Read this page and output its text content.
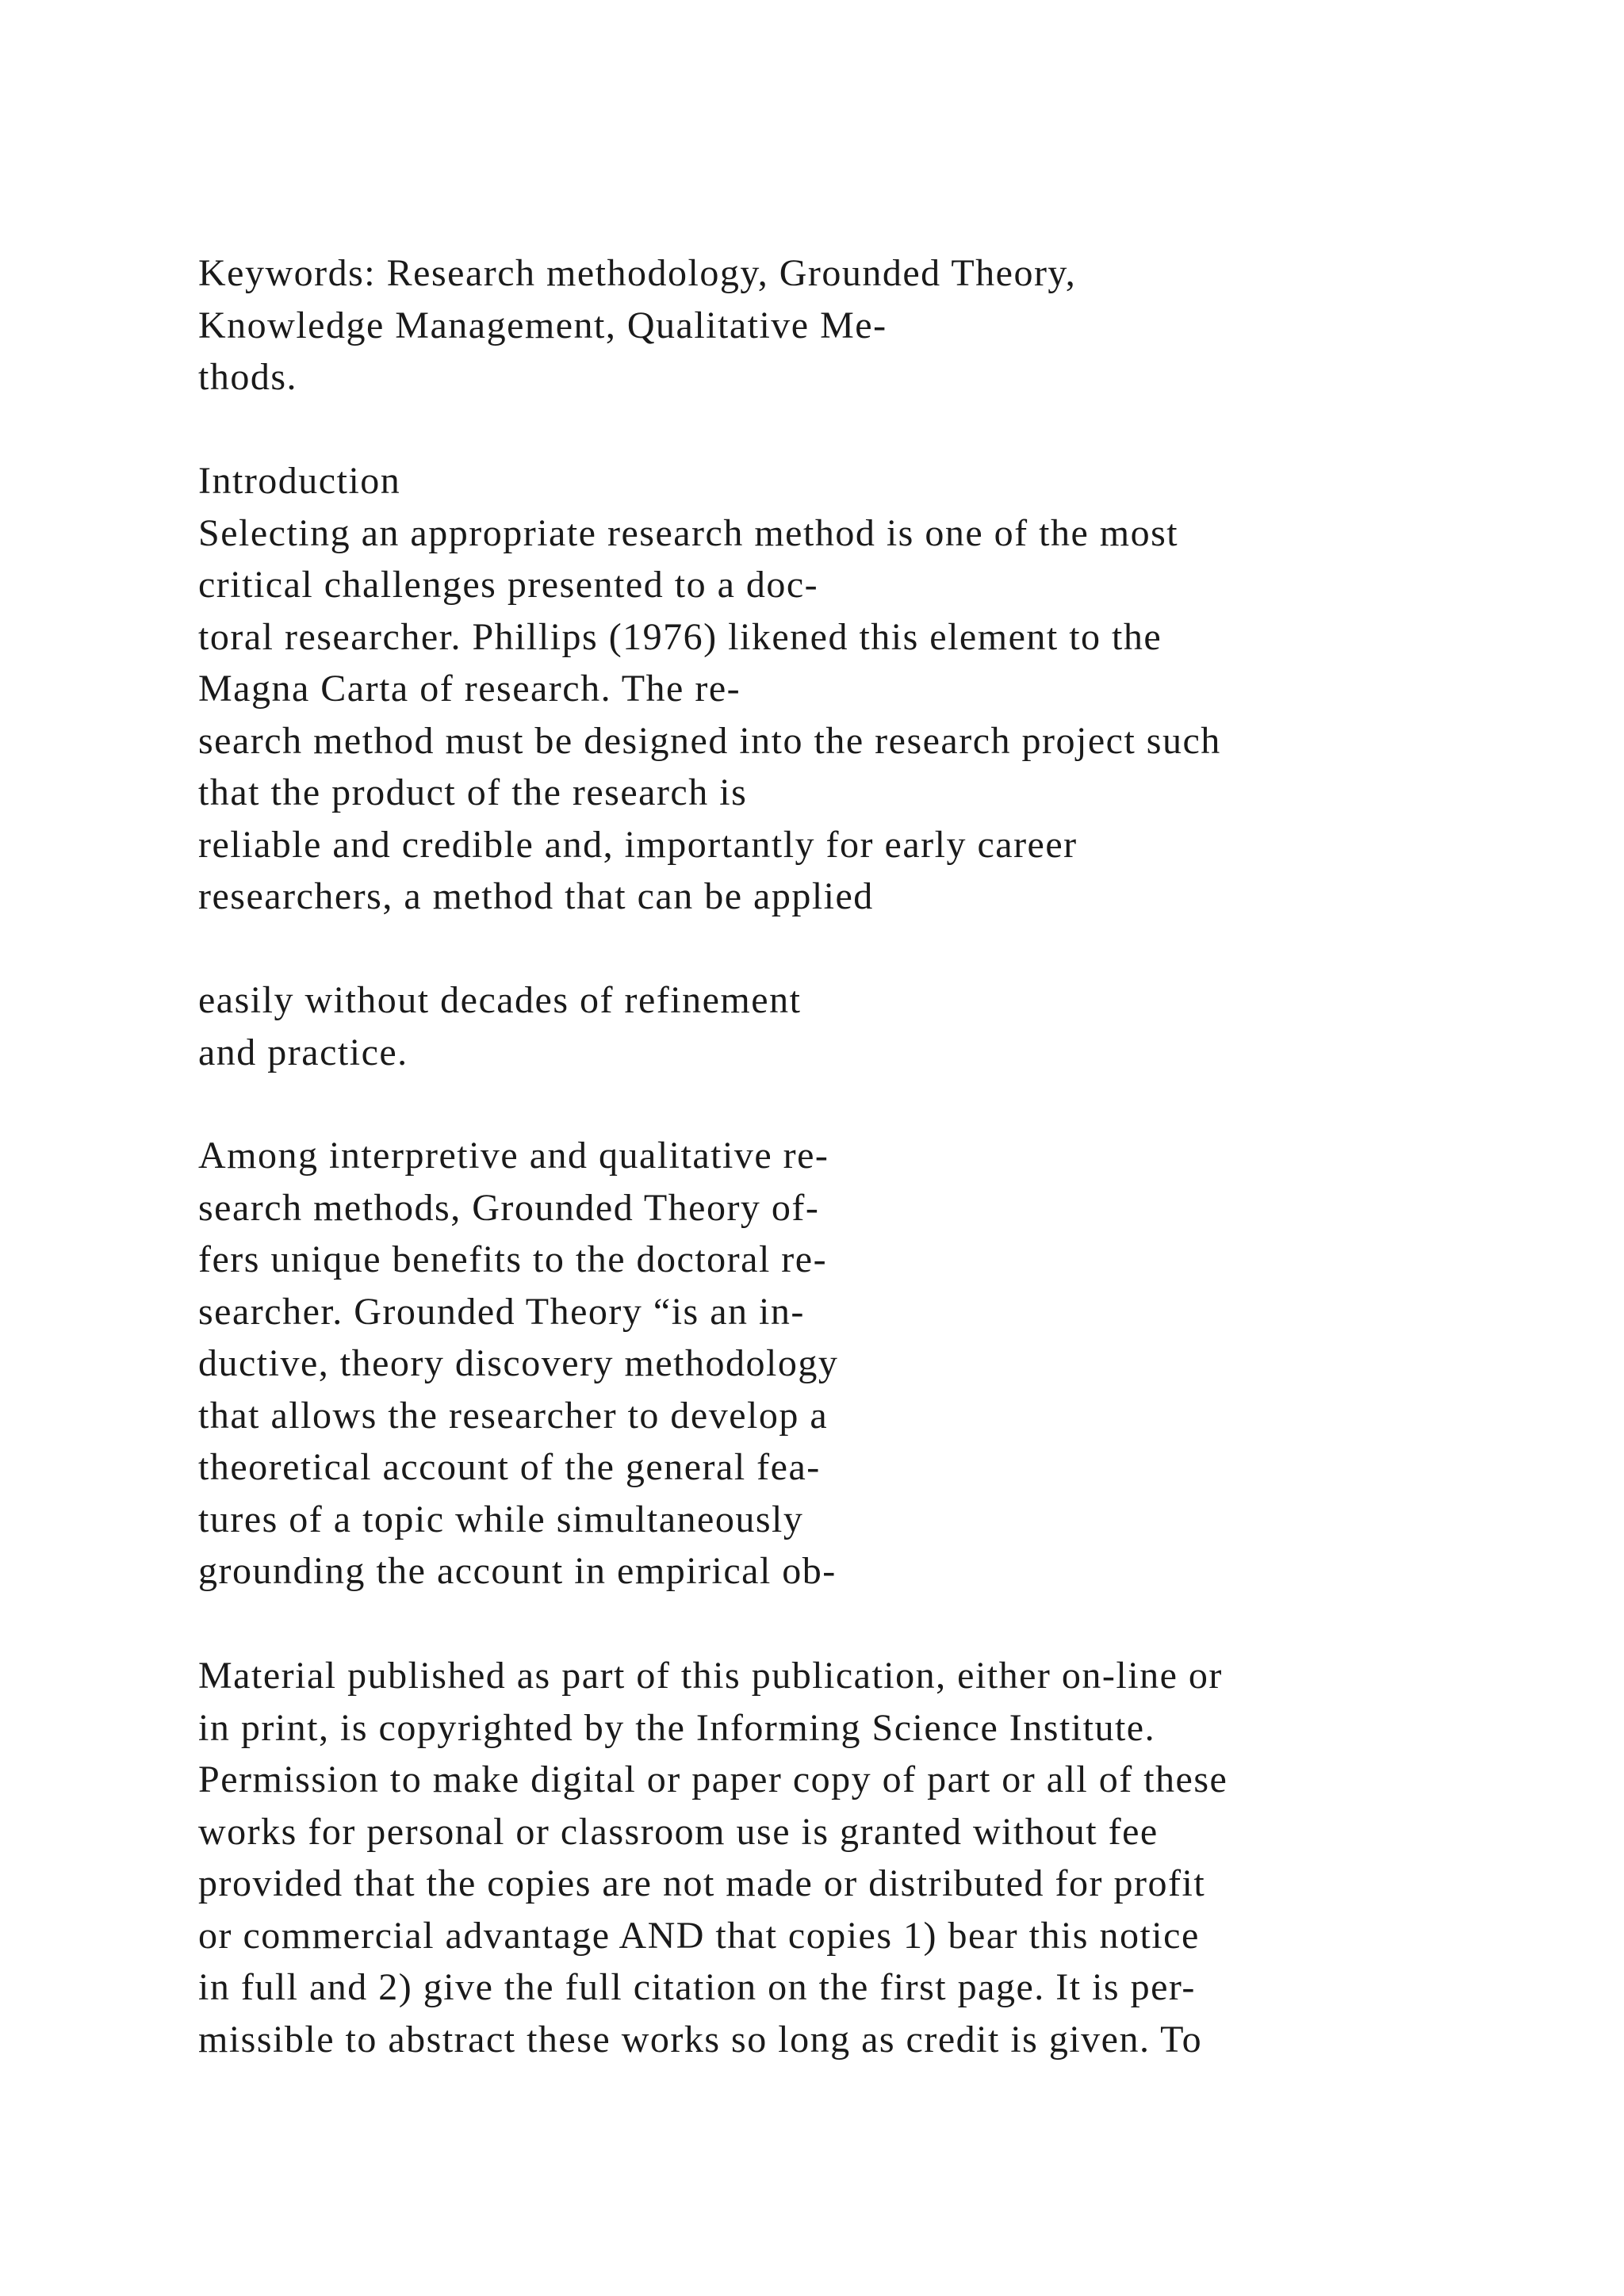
Keywords: Research methodology, Grounded Theory,
Knowledge Management, Qualitative Me-
thods.

Introduction
Selecting an appropriate research method is one of the most
critical challenges presented to a doc-
toral researcher. Phillips (1976) likened this element to the
Magna Carta of research. The re-
search method must be designed into the research project such
that the product of the research is
reliable and credible and, importantly for early career
researchers, a method that can be applied

easily without decades of refinement
and practice.

Among interpretive and qualitative re-
search methods, Grounded Theory of-
fers unique benefits to the doctoral re-
searcher. Grounded Theory “is an in-
ductive, theory discovery methodology
that allows the researcher to develop a
theoretical account of the general fea-
tures of a topic while simultaneously
grounding the account in empirical ob-

Material published as part of this publication, either on-line or
in print, is copyrighted by the Informing Science Institute.
Permission to make digital or paper copy of part or all of these
works for personal or classroom use is granted without fee
provided that the copies are not made or distributed for profit
or commercial advantage AND that copies 1) bear this notice
in full and 2) give the full citation on the first page. It is per-
missible to abstract these works so long as credit is given. To
